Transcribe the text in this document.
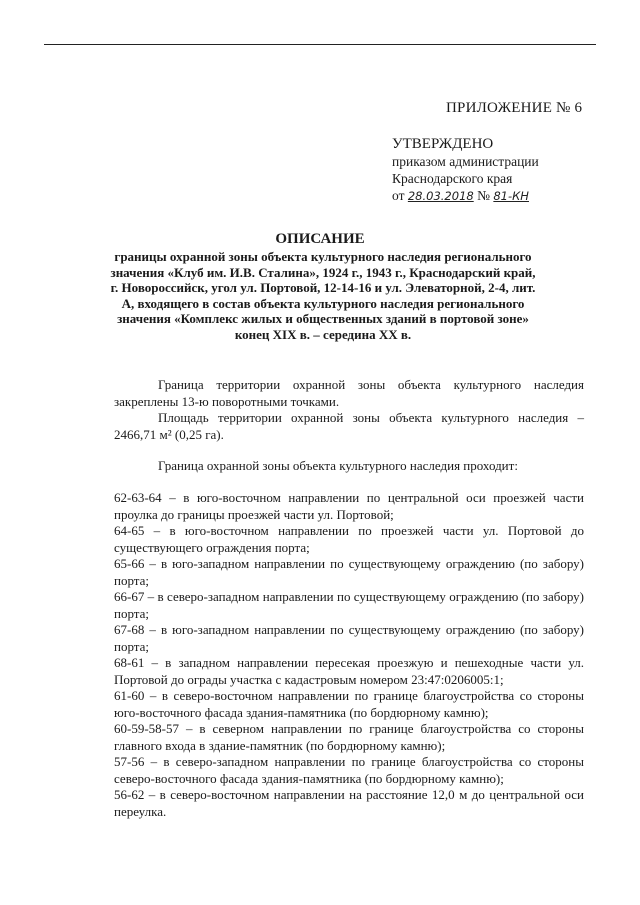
ПРИЛОЖЕНИЕ № 6
УТВЕРЖДЕНО
приказом администрации
Краснодарского края
от 28.03.2018 № 81-КН
ОПИСАНИЕ
границы охранной зоны объекта культурного наследия регионального значения «Клуб им. И.В. Сталина», 1924 г., 1943 г., Краснодарский край, г. Новороссийск, угол ул. Портовой, 12-14-16 и ул. Элеваторной, 2-4, лит. А, входящего в состав объекта культурного наследия регионального значения «Комплекс жилых и общественных зданий в портовой зоне» конец XIX в. – середина XX в.
Граница территории охранной зоны объекта культурного наследия закреплены 13-ю поворотными точками.
Площадь территории охранной зоны объекта культурного наследия – 2466,71 м² (0,25 га).
Граница охранной зоны объекта культурного наследия проходит:
62-63-64 – в юго-восточном направлении по центральной оси проезжей части проулка до границы проезжей части ул. Портовой;
64-65 – в юго-восточном направлении по проезжей части ул. Портовой до существующего ограждения порта;
65-66 – в юго-западном направлении по существующему ограждению (по забору) порта;
66-67 – в северо-западном направлении по существующему ограждению (по забору) порта;
67-68 – в юго-западном направлении по существующему ограждению (по забору) порта;
68-61 – в западном направлении пересекая проезжую и пешеходные части ул. Портовой до ограды участка с кадастровым номером 23:47:0206005:1;
61-60 – в северо-восточном направлении по границе благоустройства со стороны юго-восточного фасада здания-памятника (по бордюрному камню);
60-59-58-57 – в северном направлении по границе благоустройства со стороны главного входа в здание-памятник (по бордюрному камню);
57-56 – в северо-западном направлении по границе благоустройства со стороны северо-восточного фасада здания-памятника (по бордюрному камню);
56-62 – в северо-восточном направлении на расстояние 12,0 м до центральной оси переулка.
